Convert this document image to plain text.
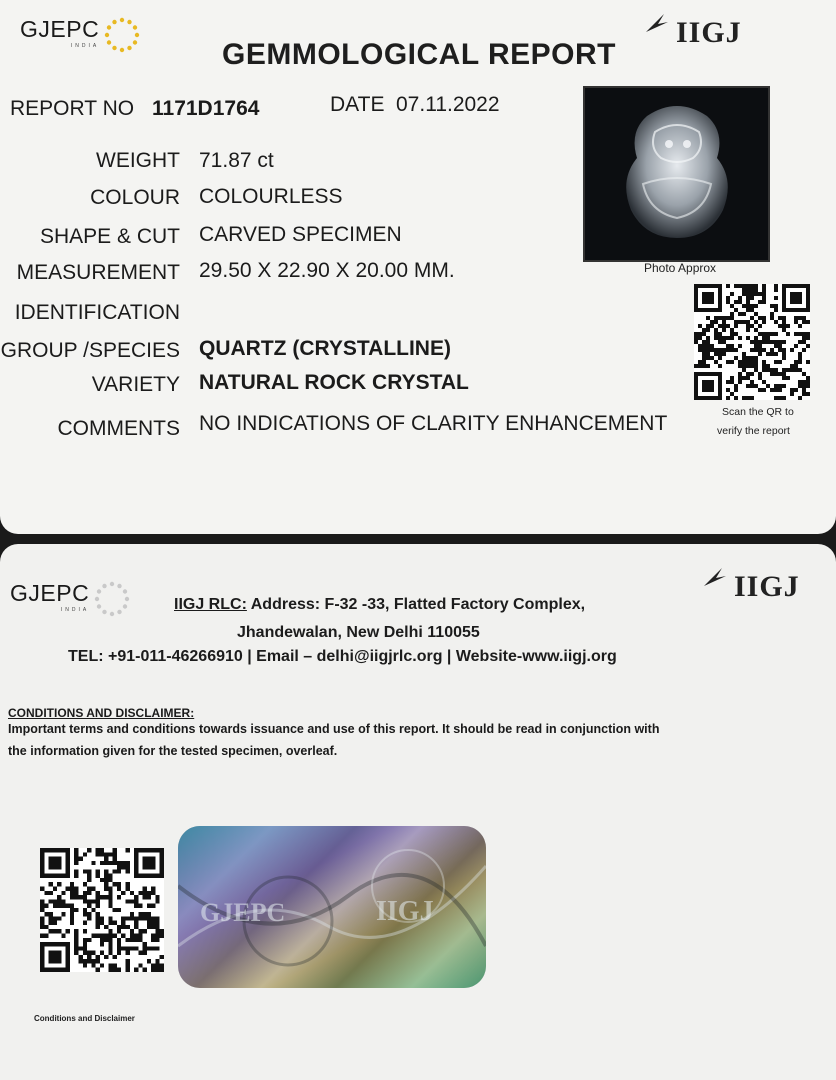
GJEPC
INDIA	IIGJ
GEMMOLOGICAL REPORT
REPORT NO 1171D1764	DATE 07.11.2022
WEIGHT 71.87 ct
COLOUR COLOURLESS
SHAPE & CUT CARVED SPECIMEN
MEASUREMENT 29.50 X 22.90 X 20.00 MM.
IDENTIFICATION
GROUP /SPECIES QUARTZ (CRYSTALLINE)
VARIETY NATURAL ROCK CRYSTAL
COMMENTS NO INDICATIONS OF CLARITY ENHANCEMENT
Photo Approx
Scan the QR to
verify the report
GJEPC
INDIA
IIGJ
IIGJ RLC: Address: F-32 -33, Flatted Factory Complex,
Jhandewalan, New Delhi 110055
TEL: +91-011-46266910 | Email – delhi@iigjrlc.org | Website-www.iigj.org
CONDITIONS AND DISCLAIMER:
Important terms and conditions towards issuance and use of this report. It should be read in conjunction with
the information given for the tested specimen, overleaf.
Conditions and Disclaimer
GJEPC	IIGJ
